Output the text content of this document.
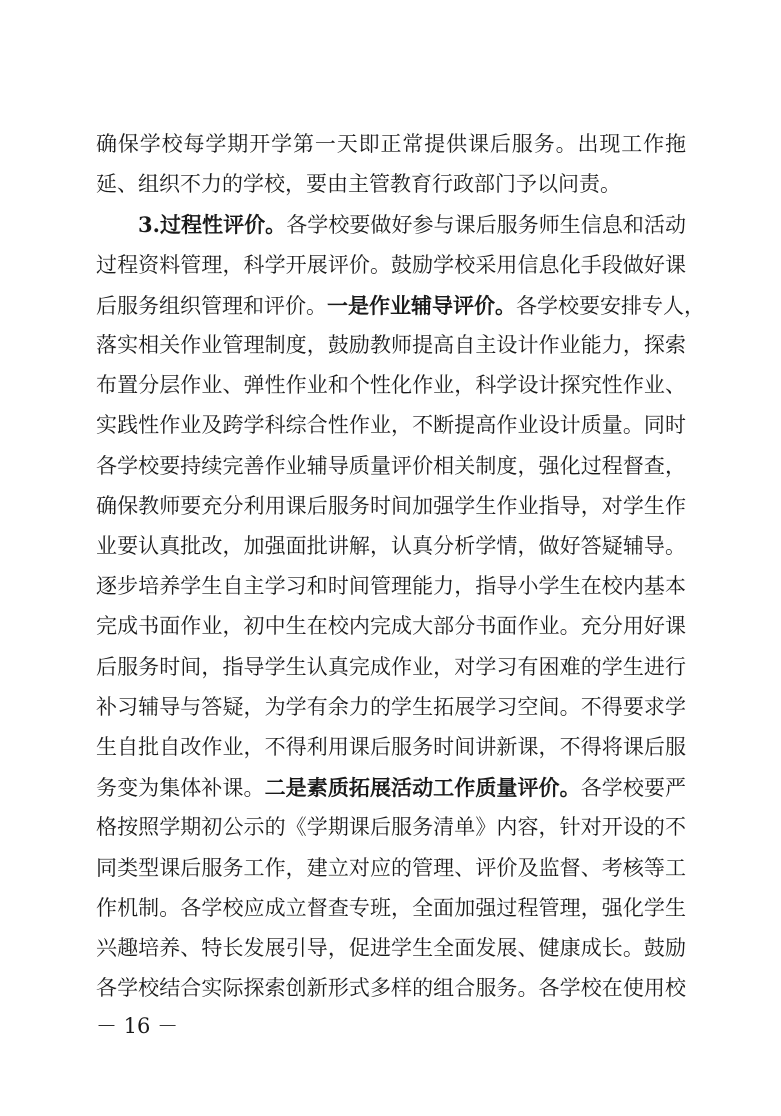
确保学校每学期开学第一天即正常提供课后服务。出现工作拖
延、组织不力的学校，要由主管教育行政部门予以问责。
3.过程性评价。各学校要做好参与课后服务师生信息和活动
过程资料管理，科学开展评价。鼓励学校采用信息化手段做好课
后服务组织管理和评价。一是作业辅导评价。各学校要安排专人，
落实相关作业管理制度，鼓励教师提高自主设计作业能力，探索
布置分层作业、弹性作业和个性化作业，科学设计探究性作业、
实践性作业及跨学科综合性作业，不断提高作业设计质量。同时
各学校要持续完善作业辅导质量评价相关制度，强化过程督查，
确保教师要充分利用课后服务时间加强学生作业指导，对学生作
业要认真批改，加强面批讲解，认真分析学情，做好答疑辅导。
逐步培养学生自主学习和时间管理能力，指导小学生在校内基本
完成书面作业，初中生在校内完成大部分书面作业。充分用好课
后服务时间，指导学生认真完成作业，对学习有困难的学生进行
补习辅导与答疑，为学有余力的学生拓展学习空间。不得要求学
生自批自改作业，不得利用课后服务时间讲新课，不得将课后服
务变为集体补课。二是素质拓展活动工作质量评价。各学校要严
格按照学期初公示的《学期课后服务清单》内容，针对开设的不
同类型课后服务工作，建立对应的管理、评价及监督、考核等工
作机制。各学校应成立督查专班，全面加强过程管理，强化学生
兴趣培养、特长发展引导，促进学生全面发展、健康成长。鼓励
各学校结合实际探索创新形式多样的组合服务。各学校在使用校
－ 16 －
